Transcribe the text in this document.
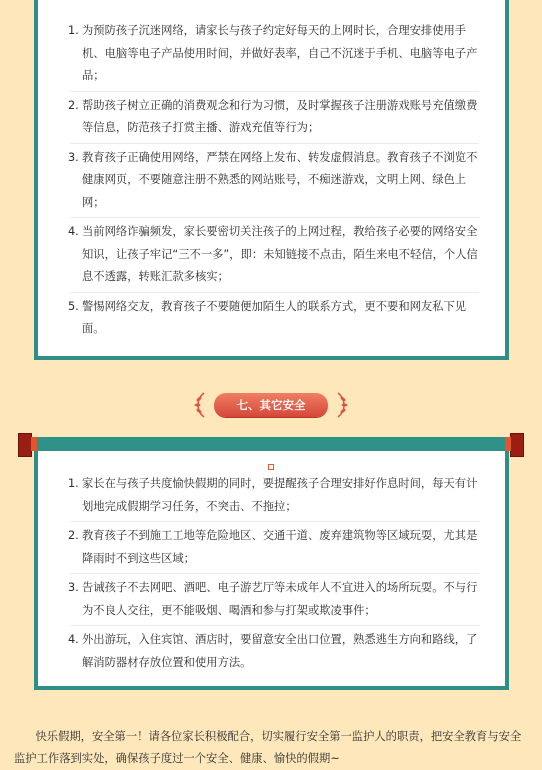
1. 为预防孩子沉迷网络，请家长与孩子约定好每天的上网时长，合理安排使用手机、电脑等电子产品使用时间，并做好表率，自己不沉迷于手机、电脑等电子产品；
2. 帮助孩子树立正确的消费观念和行为习惯，及时掌握孩子注册游戏账号充值缴费等信息，防范孩子打赏主播、游戏充值等行为；
3. 教育孩子正确使用网络，严禁在网络上发布、转发虚假消息。教育孩子不浏览不健康网页，不要随意注册不熟悉的网站账号，不痴迷游戏，文明上网、绿色上网；
4. 当前网络诈骗频发，家长要密切关注孩子的上网过程，教给孩子必要的网络安全知识，让孩子牢记“三不一多”，即：未知链接不点击，陌生来电不轻信，个人信息不透露，转账汇款多核实；
5. 警惕网络交友，教育孩子不要随便加陌生人的联系方式，更不要和网友私下见面。
七、其它安全
1. 家长在与孩子共度愉快假期的同时，要提醒孩子合理安排好作息时间，每天有计划地完成假期学习任务，不突击、不拖拉；
2. 教育孩子不到施工工地等危险地区、交通干道、废弃建筑物等区域玩耍，尤其是降雨时不到这些区域；
3. 告诫孩子不去网吧、酒吧、电子游艺厅等未成年人不宜进入的场所玩耍。不与行为不良人交往，更不能吸烟、喝酒和参与打架或欺凌事件；
4. 外出游玩，入住宾馆、酒店时，要留意安全出口位置，熟悉逃生方向和路线，了解消防器材存放位置和使用方法。

快乐假期，安全第一！请各位家长积极配合，切实履行安全第一监护人的职责，把安全教育与安全监护工作落到实处，确保孩子度过一个安全、健康、愉快的假期~
